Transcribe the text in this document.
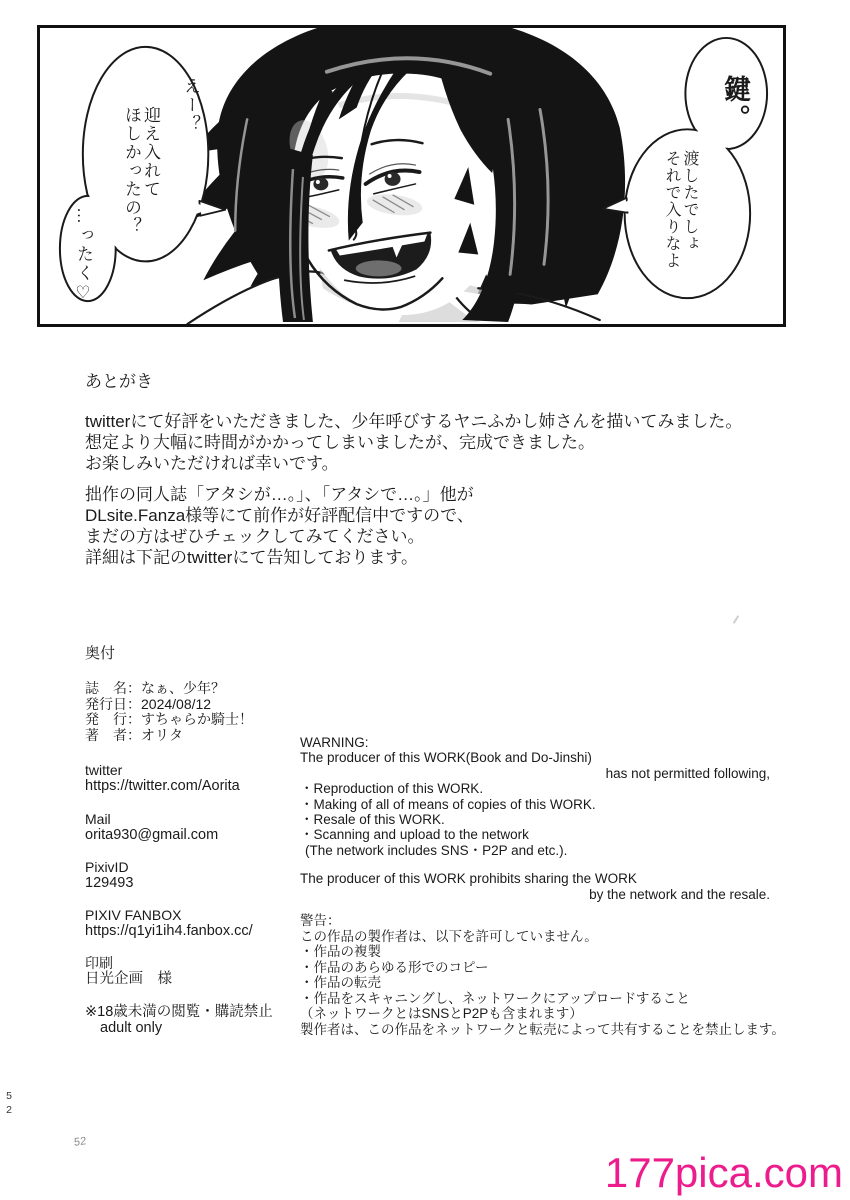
えー？
迎え入れて
ほしかったの？
…ったく♡
鍵。
渡したでしょ
それで入りなよ
あとがき
twitterにて好評をいただきました、少年呼びするヤニふかし姉さんを描いてみました。
想定より大幅に時間がかかってしまいましたが、完成できました。
お楽しみいただければ幸いです。
拙作の同人誌「アタシが…。」、「アタシで…。」他が
DLsite.Fanza様等にて前作が好評配信中ですので、
まだの方はぜひチェックしてみてください。
詳細は下記のtwitterにて告知しております。
奥付
誌　名：なぁ、少年？
発行日：2024/08/12
発　行：すちゃらか騎士！
著　者：オリタ
twitter
https://twitter.com/Aorita
Mail
orita930@gmail.com
PixivID
129493
PIXIV FANBOX
https://q1yi1ih4.fanbox.cc/
印刷
日光企画　様
※18歳未満の閲覧・購読禁止
adult only
WARNING:
The producer of this WORK(Book and Do-Jinshi)
has not permitted following,
・Reproduction of this WORK.
・Making of all of means of copies of this WORK.
・Resale of this WORK.
・Scanning and upload to the network
(The network includes SNS・P2P and etc.).
The producer of this WORK prohibits sharing the WORK
by the network and the resale.
警告：
この作品の製作者は、以下を許可していません。
・作品の複製
・作品のあらゆる形でのコピー
・作品の転売
・作品をスキャニングし、ネットワークにアップロードすること
（ネットワークとはSNSとP2Pも含まれます）
製作者は、この作品をネットワークと転売によって共有することを禁止します。
52
52
177pica.com
